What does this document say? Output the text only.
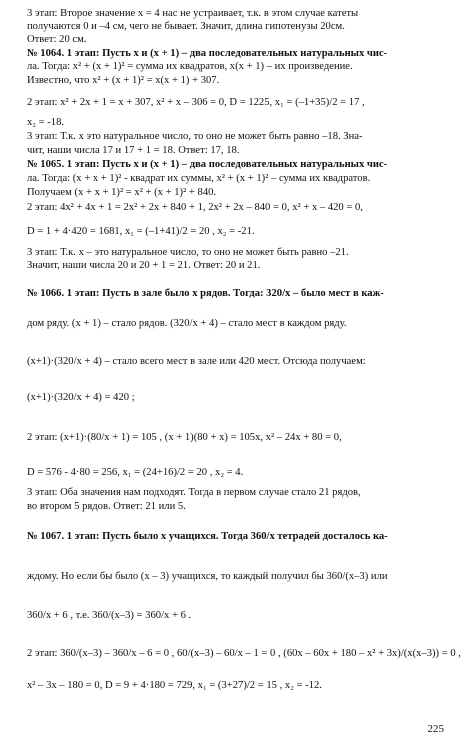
3 этап: Второе значение x = 4 нас не устраивает, т.к. в этом случае катеты
получаются 0 и –4 см, чего не бывает. Значит, длина гипотенузы 20см.
Ответ: 20 см.
№ 1064. 1 этап: Пусть x и (x + 1) – два последовательных натуральных чис-
ла. Тогда: x² + (x + 1)² = сумма их квадратов, x(x + 1) – их произведение.
Известно, что x² + (x + 1)² = x(x + 1) + 307.
2 этап: x² + 2x + 1 = x + 307, x² + x – 306 = 0, D = 1225, x₁ = (–1+35)/2 = 17 ,
x₂ = -18.
3 этап: Т.к. x это натуральное число, то оно не может быть равно –18. Зна-
чит, наши числа 17 и 17 + 1 = 18. Ответ: 17, 18.
№ 1065. 1 этап: Пусть x и (x + 1) – два последовательных натуральных чис-
ла. Тогда: (x + x + 1)² - квадрат их суммы, x² + (x + 1)² – сумма их квадратов.
Получаем (x + x + 1)² = x² + (x + 1)² + 840.
2 этап: 4x² + 4x + 1 = 2x² + 2x + 840 + 1, 2x² + 2x – 840 = 0, x² + x – 420 = 0,
D = 1 + 4·420 = 1681, x₁ = (–1+41)/2 = 20 , x₂ = -21.
3 этап: Т.к. x – это натуральное число, то оно не может быть равно –21.
Значит, наши числа 20 и 20 + 1 = 21. Ответ: 20 и 21.
№ 1066. 1 этап: Пусть в зале было x рядов. Тогда: 320/x – было мест в каж-
дом ряду. (x + 1) – стало рядов. (320/x + 4) – стало мест в каждом ряду.
(x+1)·(320/x + 4) – стало всего мест в зале или 420 мест. Отсюда получаем:
(x+1)·(320/x + 4) = 420 ;
2 этап: (x+1)·(80/x + 1) = 105 , (x + 1)(80 + x) = 105x, x² – 24x + 80 = 0,
D = 576 - 4·80 = 256, x₁ = (24+16)/2 = 20 , x₂ = 4.
3 этап: Оба значения нам подходят. Тогда в первом случае стало 21 рядов,
во втором 5 рядов. Ответ: 21 или 5.
№ 1067. 1 этап: Пусть было x учащихся. Тогда 360/x тетрадей досталось ка-
ждому. Но если бы было (x – 3) учащихся, то каждый получил бы 360/(x–3) или
360/x + 6 , т.е. 360/(x–3) = 360/x + 6 .
2 этап: 360/(x–3) – 360/x – 6 = 0 , 60/(x–3) – 60/x – 1 = 0 , (60x – 60x + 180 – x² + 3x)/(x(x–3)) = 0 ,
x² – 3x – 180 = 0, D = 9 + 4·180 = 729, x₁ = (3+27)/2 = 15 , x₂ = -12.
225
